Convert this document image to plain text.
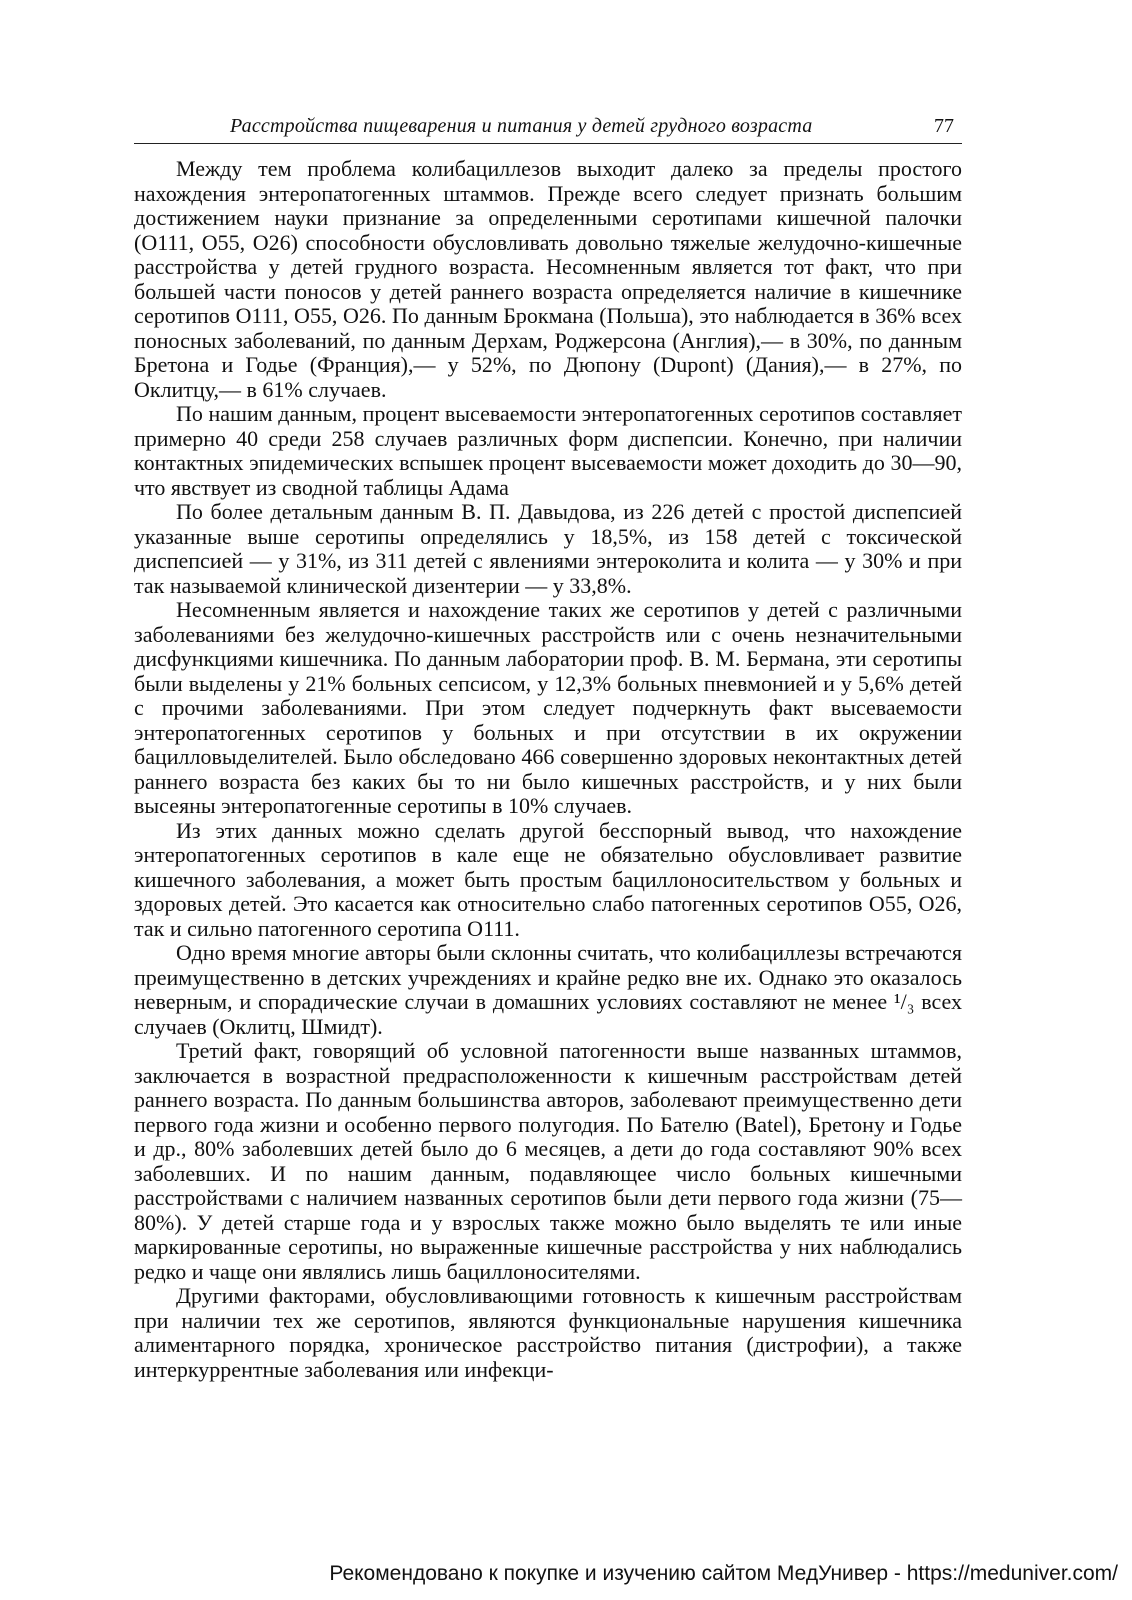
Расстройства пищеварения и питания у детей грудного возраста	77

Между тем проблема колибациллезов выходит далеко за пределы простого нахождения энтеропатогенных штаммов. Прежде всего следует признать большим достижением науки признание за определенными серотипами кишечной палочки (O111, O55, O26) способности обусловливать довольно тяжелые желудочно-кишечные расстройства у детей грудного возраста. Несомненным является тот факт, что при большей части поносов у детей раннего возраста определяется наличие в кишечнике серотипов O111, O55, O26. По данным Брокмана (Польша), это наблюдается в 36% всех поносных заболеваний, по данным Дерхам, Роджерсона (Англия),— в 30%, по данным Бретона и Годье (Франция),— у 52%, по Дюпону (Dupont) (Дания),— в 27%, по Оклитцу,— в 61% случаев.

По нашим данным, процент высеваемости энтеропатогенных серотипов составляет примерно 40 среди 258 случаев различных форм диспепсии. Конечно, при наличии контактных эпидемических вспышек процент высеваемости может доходить до 30—90, что явствует из сводной таблицы Адама

По более детальным данным В. П. Давыдова, из 226 детей с простой диспепсией указанные выше серотипы определялись у 18,5%, из 158 детей с токсической диспепсией — у 31%, из 311 детей с явлениями энтероколита и колита — у 30% и при так называемой клинической дизентерии — у 33,8%.

Несомненным является и нахождение таких же серотипов у детей с различными заболеваниями без желудочно-кишечных расстройств или с очень незначительными дисфункциями кишечника. По данным лаборатории проф. В. М. Бермана, эти серотипы были выделены у 21% больных сепсисом, у 12,3% больных пневмонией и у 5,6% детей с прочими заболеваниями. При этом следует подчеркнуть факт высеваемости энтеропатогенных серотипов у больных и при отсутствии в их окружении бацилловыделителей. Было обследовано 466 совершенно здоровых неконтактных детей раннего возраста без каких бы то ни было кишечных расстройств, и у них были высеяны энтеропатогенные серотипы в 10% случаев.

Из этих данных можно сделать другой бесспорный вывод, что нахождение энтеропатогенных серотипов в кале еще не обязательно обусловливает развитие кишечного заболевания, а может быть простым бациллоносительством у больных и здоровых детей. Это касается как относительно слабо патогенных серотипов O55, O26, так и сильно патогенного серотипа O111.

Одно время многие авторы были склонны считать, что колибациллезы встречаются преимущественно в детских учреждениях и крайне редко вне их. Однако это оказалось неверным, и спорадические случаи в домашних условиях составляют не менее ¹/₃ всех случаев (Оклитц, Шмидт).

Третий факт, говорящий об условной патогенности выше названных штаммов, заключается в возрастной предрасположенности к кишечным расстройствам детей раннего возраста. По данным большинства авторов, заболевают преимущественно дети первого года жизни и особенно первого полугодия. По Бателю (Batel), Бретону и Годье и др., 80% заболевших детей было до 6 месяцев, а дети до года составляют 90% всех заболевших. И по нашим данным, подавляющее число больных кишечными расстройствами с наличием названных серотипов были дети первого года жизни (75—80%). У детей старше года и у взрослых также можно было выделять те или иные маркированные серотипы, но выраженные кишечные расстройства у них наблюдались редко и чаще они являлись лишь бациллоносителями.

Другими факторами, обусловливающими готовность к кишечным расстройствам при наличии тех же серотипов, являются функциональные нарушения кишечника алиментарного порядка, хроническое расстройство питания (дистрофии), а также интеркуррентные заболевания или инфекци-

Рекомендовано к покупке и изучению сайтом МедУнивер - https://meduniver.com/
